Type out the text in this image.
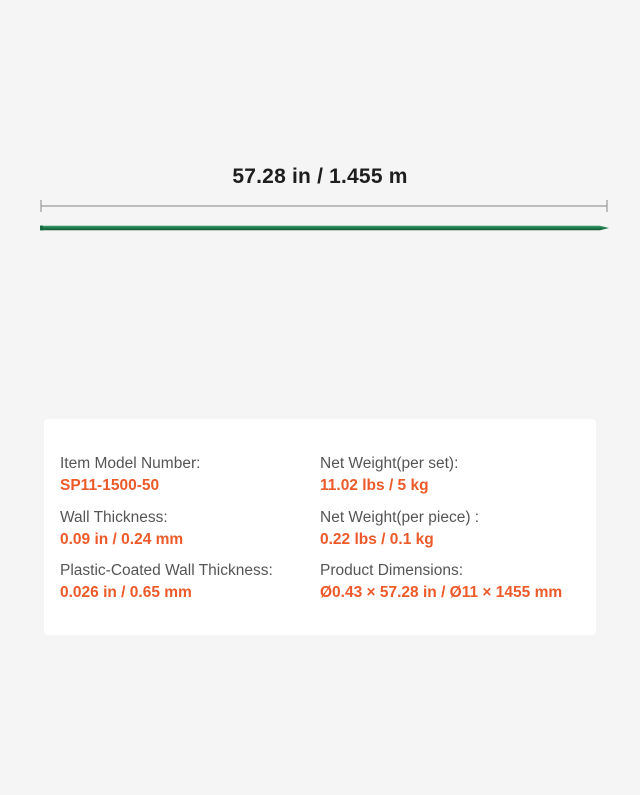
57.28 in / 1.455 m
Item Model Number:
SP11-1500-50
Wall Thickness:
0.09 in / 0.24 mm
Plastic-Coated Wall Thickness:
0.026 in / 0.65 mm
Net Weight(per set):
11.02 lbs / 5 kg
Net Weight(per piece) :
0.22 lbs / 0.1 kg
Product Dimensions:
Ø0.43 × 57.28 in / Ø11 × 1455 mm
